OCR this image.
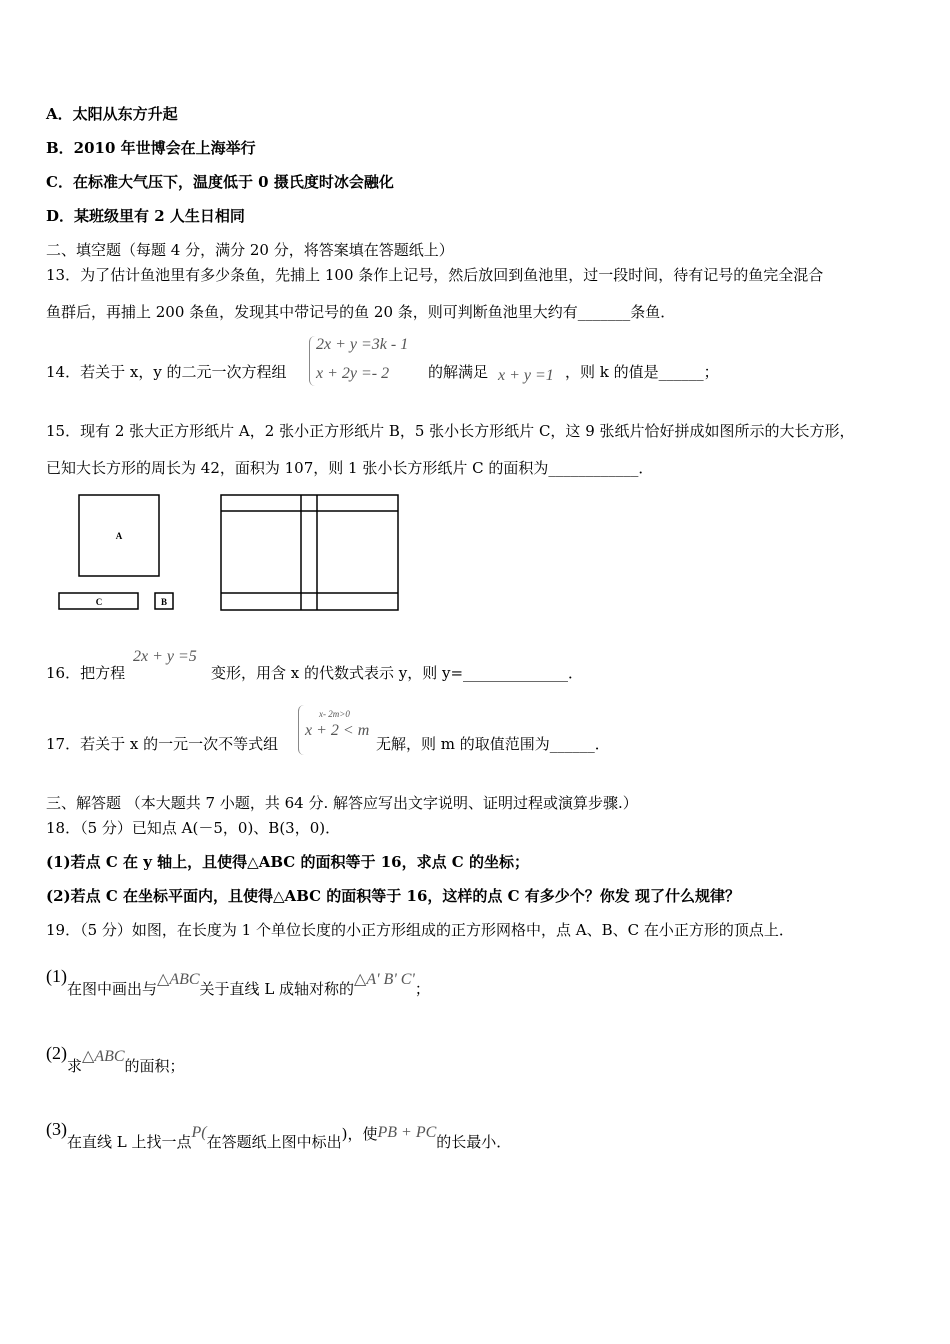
A．太阳从东方升起
B．2010 年世博会在上海举行
C．在标准大气压下，温度低于 0 摄氏度时冰会融化
D．某班级里有 2 人生日相同
二、填空题（每题 4 分，满分 20 分，将答案填在答题纸上）
13．为了估计鱼池里有多少条鱼，先捕上 100 条作上记号，然后放回到鱼池里，过一段时间，待有记号的鱼完全混合
鱼群后，再捕上 200 条鱼，发现其中带记号的鱼 20 条，则可判断鱼池里大约有_______条鱼．
14．若关于 x，y 的二元一次方程组
2x + y =3k - 1
x + 2y =- 2	的解满足 x + y =1 ，则 k 的值是______；
15．现有 2 张大正方形纸片 A，2 张小正方形纸片 B，5 张小长方形纸片 C，这 9 张纸片恰好拼成如图所示的大长方形，
已知大长方形的周长为 42，面积为 107，则 1 张小长方形纸片 C 的面积为____________．
A
C	B
16．把方程
2x + y =5
变形，用含 x 的代数式表示 y，则 y=______________．
17．若关于 x 的一元一次不等式组
x- 2m>0
x + 2 < m
无解，则 m 的取值范围为______．
三、解答题 （本大题共 7 小题，共 64 分. 解答应写出文字说明、证明过程或演算步骤.）
18．（5 分）已知点 A(－5，0)、B(3，0)．
(1)若点 C 在 y 轴上，且使得△ABC 的面积等于 16，求点 C 的坐标；
(2)若点 C 在坐标平面内，且使得△ABC 的面积等于 16，这样的点 C 有多少个？你发 现了什么规律？
19．（5 分）如图，在长度为 1 个单位长度的小正方形组成的正方形网格中，点 A、B、C 在小正方形的顶点上．
(1)在图中画出与△ABC关于直线 L 成轴对称的△A' B' C'；
(2)求△ABC的面积；
(3)在直线 L 上找一点P(在答题纸上图中标出)，使PB + PC的长最小．
